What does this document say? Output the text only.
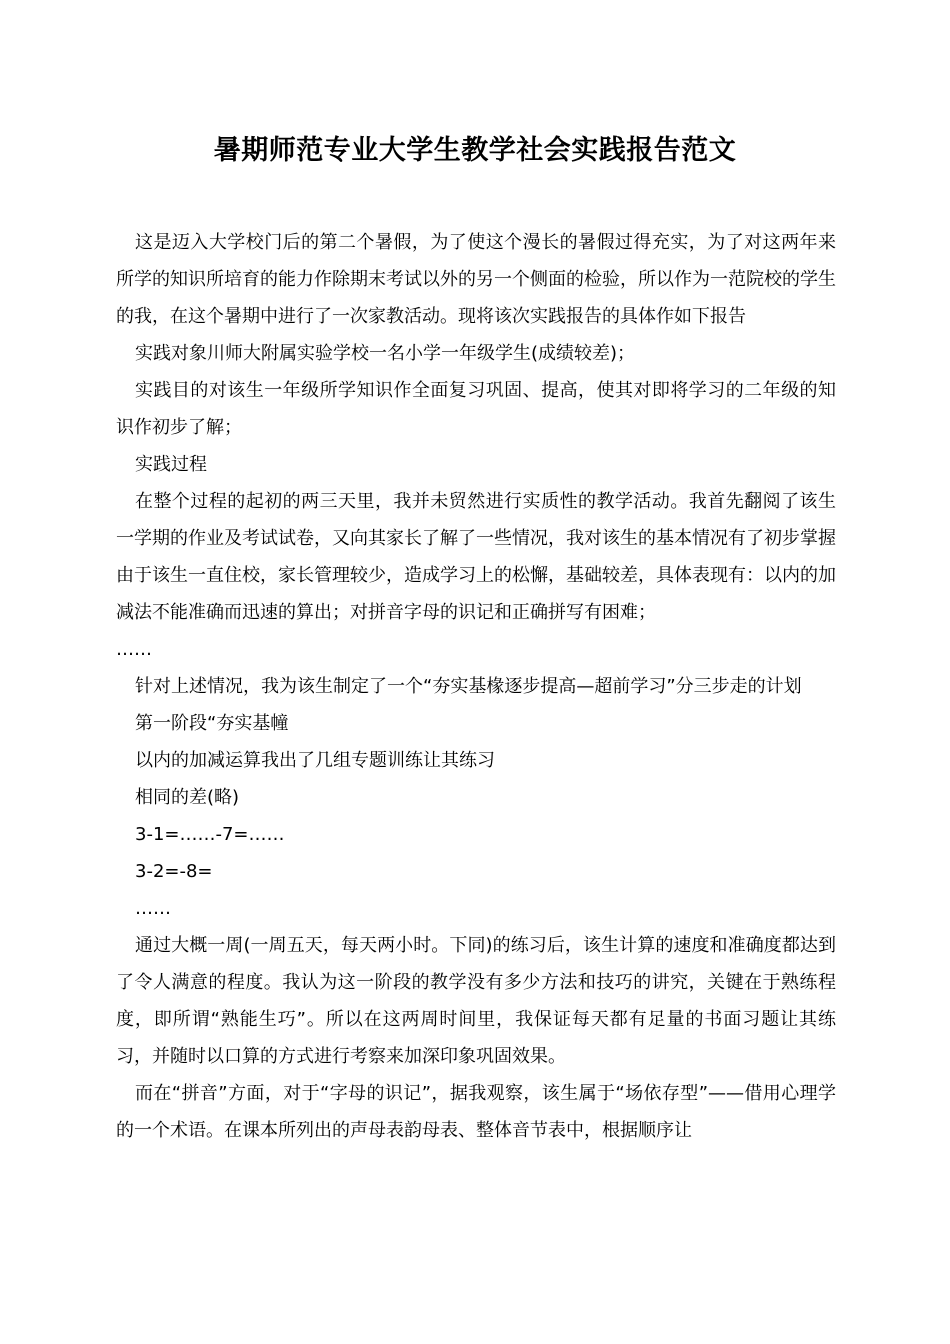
暑期师范专业大学生教学社会实践报告范文

这是迈入大学校门后的第二个暑假，为了使这个漫长的暑假过得充实，为了对这两年来所学的知识所培育的能力作除期末考试以外的另一个侧面的检验，所以作为一范院校的学生的我，在这个暑期中进行了一次家教活动。现将该次实践报告的具体作如下报告

实践对象川师大附属实验学校一名小学一年级学生(成绩较差)；

实践目的对该生一年级所学知识作全面复习巩固、提高，使其对即将学习的二年级的知识作初步了解；

实践过程

在整个过程的起初的两三天里，我并未贸然进行实质性的教学活动。我首先翻阅了该生一学期的作业及考试试卷，又向其家长了解了一些情况，我对该生的基本情况有了初步掌握由于该生一直住校，家长管理较少，造成学习上的松懈，基础较差，具体表现有：以内的加减法不能准确而迅速的算出；对拼音字母的识记和正确拼写有困难；

……

针对上述情况，我为该生制定了一个“夯实基椽逐步提高—超前学习”分三步走的计划

第一阶段“夯实基幢

以内的加减运算我出了几组专题训练让其练习

相同的差(略)

3-1=……-7=……

3-2=-8=

……

通过大概一周(一周五天，每天两小时。下同)的练习后，该生计算的速度和准确度都达到了令人满意的程度。我认为这一阶段的教学没有多少方法和技巧的讲究，关键在于熟练程度，即所谓“熟能生巧”。所以在这两周时间里，我保证每天都有足量的书面习题让其练习，并随时以口算的方式进行考察来加深印象巩固效果。

而在“拼音”方面，对于“字母的识记”，据我观察，该生属于“场依存型”——借用心理学的一个术语。在课本所列出的声母表韵母表、整体音节表中，根据顺序让
